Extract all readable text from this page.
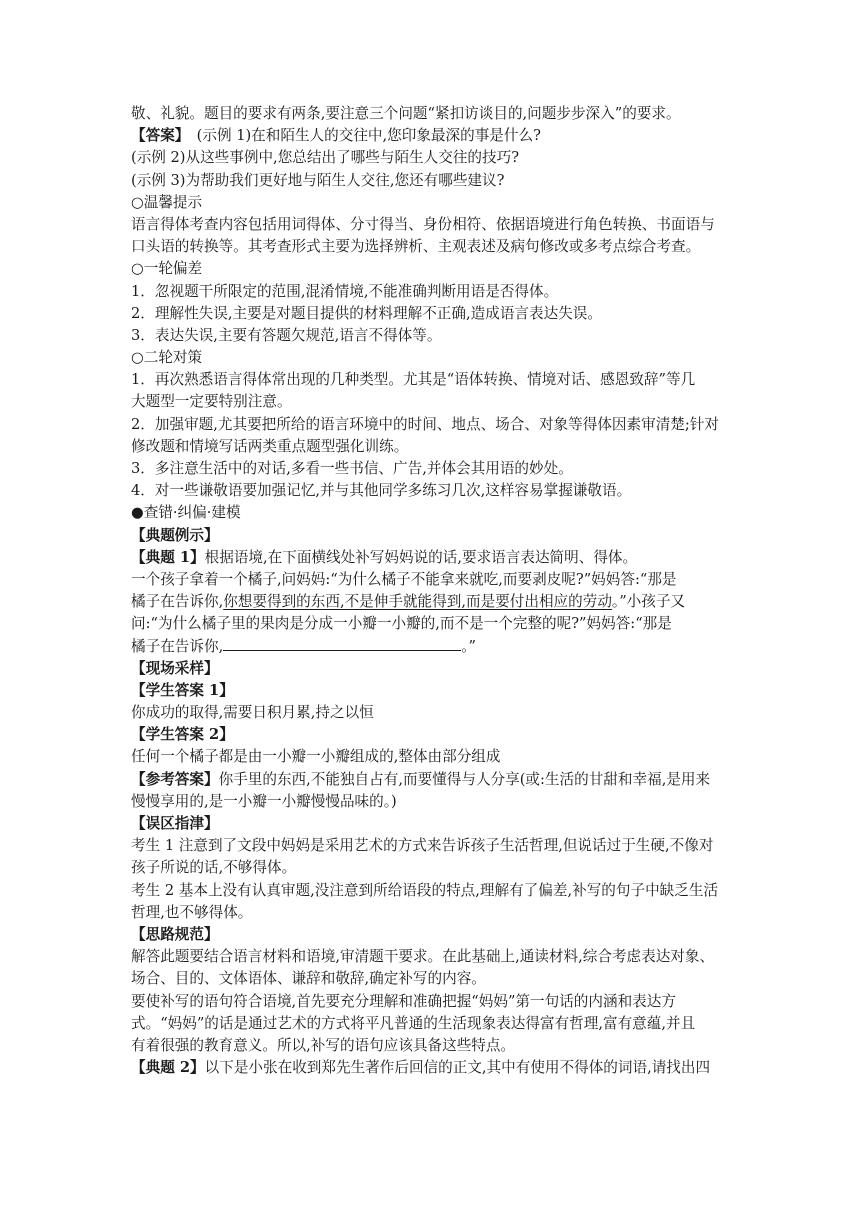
敬、礼貌。题目的要求有两条,要注意三个问题“紧扣访谈目的,问题步步深入”的要求。
【答案】　(示例 1)在和陌生人的交往中,您印象最深的事是什么?
(示例 2)从这些事例中,您总结出了哪些与陌生人交往的技巧?
(示例 3)为帮助我们更好地与陌生人交往,您还有哪些建议?
○温馨提示
语言得体考查内容包括用词得体、分寸得当、身份相符、依据语境进行角色转换、书面语与
口头语的转换等。其考查形式主要为选择辨析、主观表述及病句修改或多考点综合考查。
○一轮偏差
1．忽视题干所限定的范围,混淆情境,不能准确判断用语是否得体。
2．理解性失误,主要是对题目提供的材料理解不正确,造成语言表达失误。
3．表达失误,主要有答题欠规范,语言不得体等。
○二轮对策
1．再次熟悉语言得体常出现的几种类型。尤其是“语体转换、情境对话、感恩致辞”等几
大题型一定要特别注意。
2．加强审题,尤其要把所给的语言环境中的时间、地点、场合、对象等得体因素审清楚;针对
修改题和情境写话两类重点题型强化训练。
3．多注意生活中的对话,多看一些书信、广告,并体会其用语的妙处。
4．对一些谦敬语要加强记忆,并与其他同学多练习几次,这样容易掌握谦敬语。
●查错·纠偏·建模
【典题例示】
【典题 1】根据语境,在下面横线处补写妈妈说的话,要求语言表达简明、得体。
一个孩子拿着一个橘子,问妈妈:“为什么橘子不能拿来就吃,而要剥皮呢?”妈妈答:“那是
橘子在告诉你,你想要得到的东西,不是伸手就能得到,而是要付出相应的劳动。”小孩子又
问:“为什么橘子里的果肉是分成一小瓣一小瓣的,而不是一个完整的呢?”妈妈答:“那是
橘子在告诉你,	。”
【现场采样】
【学生答案 1】
你成功的取得,需要日积月累,持之以恒
【学生答案 2】
任何一个橘子都是由一小瓣一小瓣组成的,整体由部分组成
【参考答案】你手里的东西,不能独自占有,而要懂得与人分享(或:生活的甘甜和幸福,是用来
慢慢享用的,是一小瓣一小瓣慢慢品味的。)
【误区指津】
考生 1 注意到了文段中妈妈是采用艺术的方式来告诉孩子生活哲理,但说话过于生硬,不像对
孩子所说的话,不够得体。
考生 2 基本上没有认真审题,没注意到所给语段的特点,理解有了偏差,补写的句子中缺乏生活
哲理,也不够得体。
【思路规范】
解答此题要结合语言材料和语境,审清题干要求。在此基础上,通读材料,综合考虑表达对象、
场合、目的、文体语体、谦辞和敬辞,确定补写的内容。
要使补写的语句符合语境,首先要充分理解和准确把握“妈妈”第一句话的内涵和表达方
式。“妈妈”的话是通过艺术的方式将平凡普通的生活现象表达得富有哲理,富有意蕴,并且
有着很强的教育意义。所以,补写的语句应该具备这些特点。
【典题 2】以下是小张在收到郑先生著作后回信的正文,其中有使用不得体的词语,请找出四
